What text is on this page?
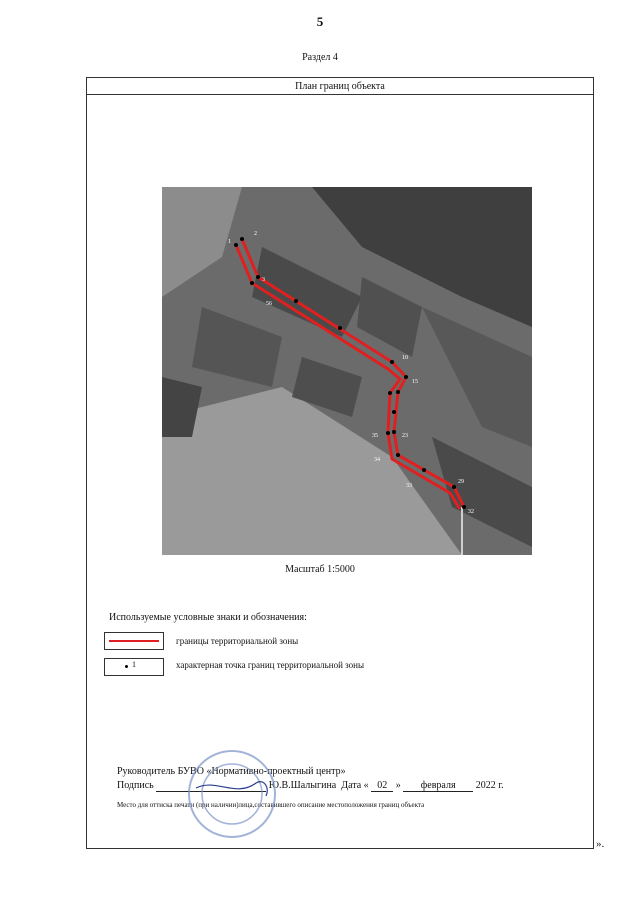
5
Раздел 4
План границ объекта
1
2
3
10
15
23
29
32
35
34
33
56
Масштаб 1:5000
Используемые условные знаки и обозначения:
границы территориальной зоны
1	характерная точка границ территориальной зоны
Руководитель БУВО «Нормативно-проектный центр»
Подпись	Ю.В.Шалыгина Дата « 02 » февраля 2022 г.
Место для оттиска печати (при наличии)лица,составившего описание местоположения границ объекта
».
